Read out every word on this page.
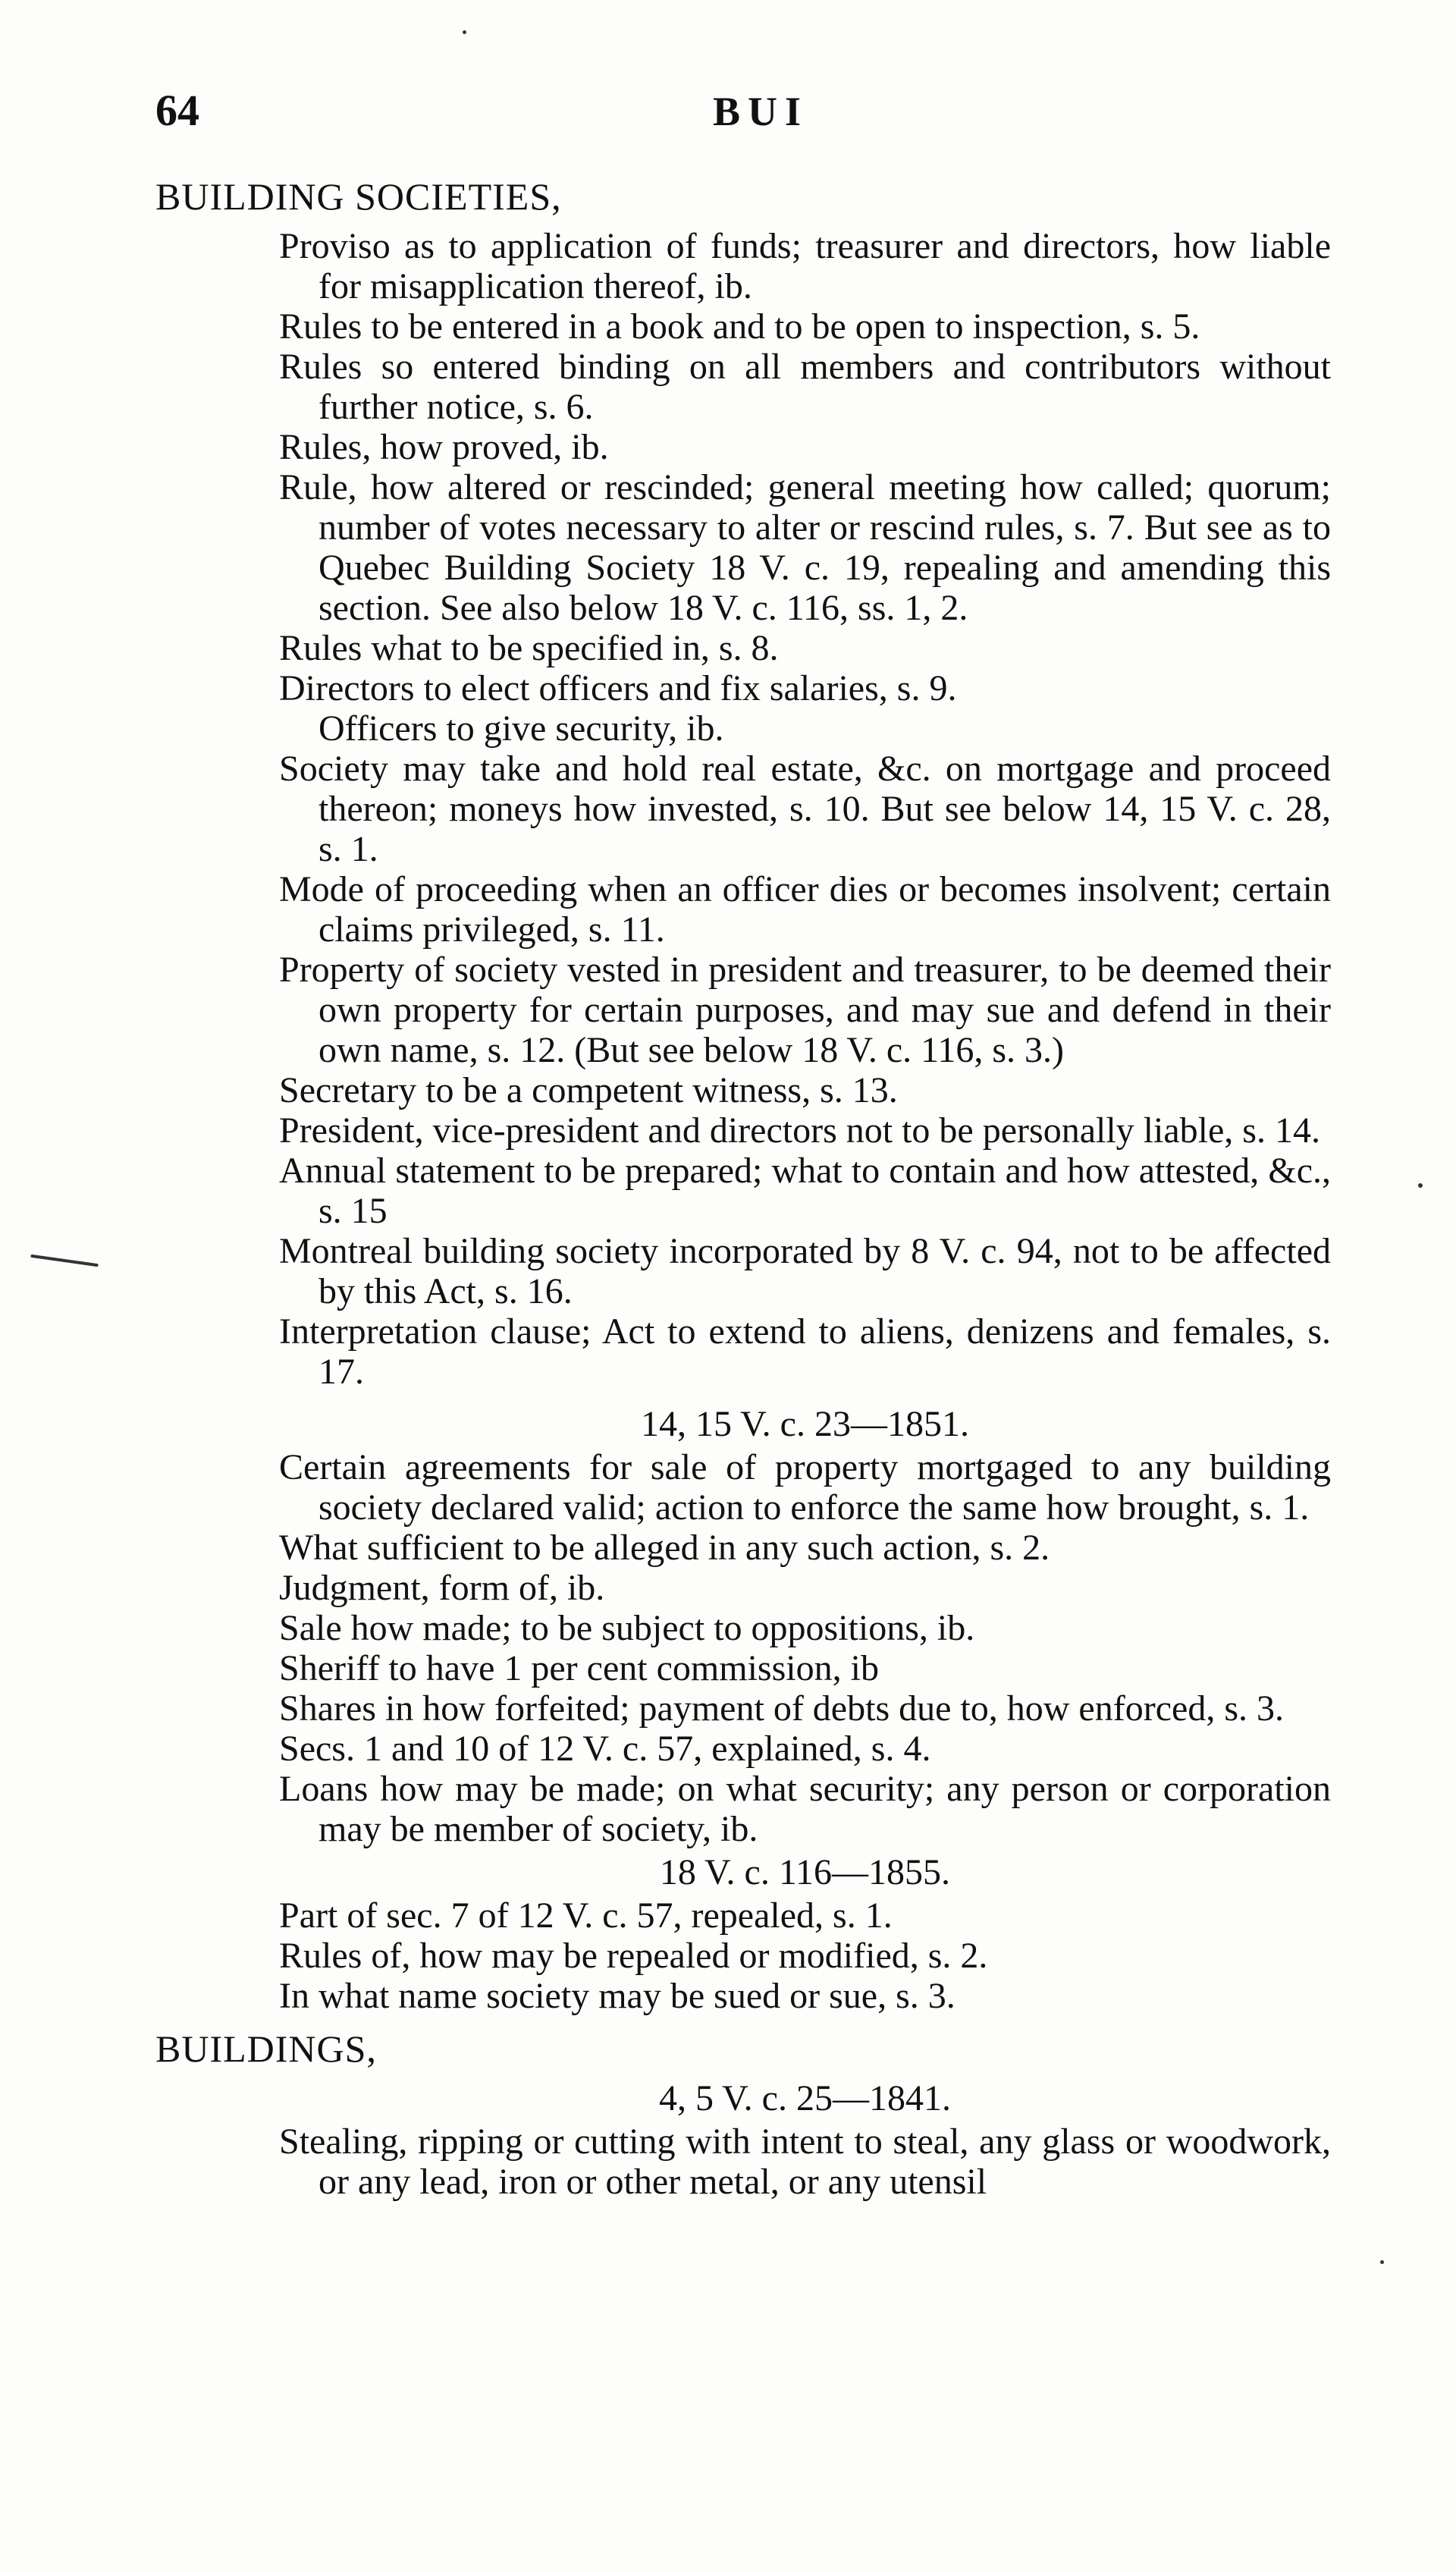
64	BUI
BUILDING SOCIETIES,

Proviso as to application of funds; treasurer and directors, how liable for misapplication thereof, ib.

Rules to be entered in a book and to be open to inspection, s. 5.

Rules so entered binding on all members and contributors without further notice, s. 6.

Rules, how proved, ib.

Rule, how altered or rescinded; general meeting how called; quorum; number of votes necessary to alter or rescind rules, s. 7. But see as to Quebec Building Society 18 V. c. 19, repealing and amending this section. See also below 18 V. c. 116, ss. 1, 2.

Rules what to be specified in, s. 8.

Directors to elect officers and fix salaries, s. 9.

Officers to give security, ib.

Society may take and hold real estate, &c. on mortgage and proceed thereon; moneys how invested, s. 10. But see below 14, 15 V. c. 28, s. 1.

Mode of proceeding when an officer dies or becomes insolvent; certain claims privileged, s. 11.

Property of society vested in president and treasurer, to be deemed their own property for certain purposes, and may sue and defend in their own name, s. 12. (But see below 18 V. c. 116, s. 3.)

Secretary to be a competent witness, s. 13.

President, vice-president and directors not to be personally liable, s. 14.

Annual statement to be prepared; what to contain and how attested, &c., s. 15

Montreal building society incorporated by 8 V. c. 94, not to be affected by this Act, s. 16.

Interpretation clause; Act to extend to aliens, denizens and females, s. 17.

14, 15 V. c. 23—1851.

Certain agreements for sale of property mortgaged to any building society declared valid; action to enforce the same how brought, s. 1.

What sufficient to be alleged in any such action, s. 2.

Judgment, form of, ib.

Sale how made; to be subject to oppositions, ib.

Sheriff to have 1 per cent commission, ib

Shares in how forfeited; payment of debts due to, how enforced, s. 3.

Secs. 1 and 10 of 12 V. c. 57, explained, s. 4.

Loans how may be made; on what security; any person or corporation may be member of society, ib.

18 V. c. 116—1855.

Part of sec. 7 of 12 V. c. 57, repealed, s. 1.

Rules of, how may be repealed or modified, s. 2.

In what name society may be sued or sue, s. 3.

BUILDINGS,
4, 5 V. c. 25—1841.

Stealing, ripping or cutting with intent to steal, any glass or woodwork, or any lead, iron or other metal, or any utensil
